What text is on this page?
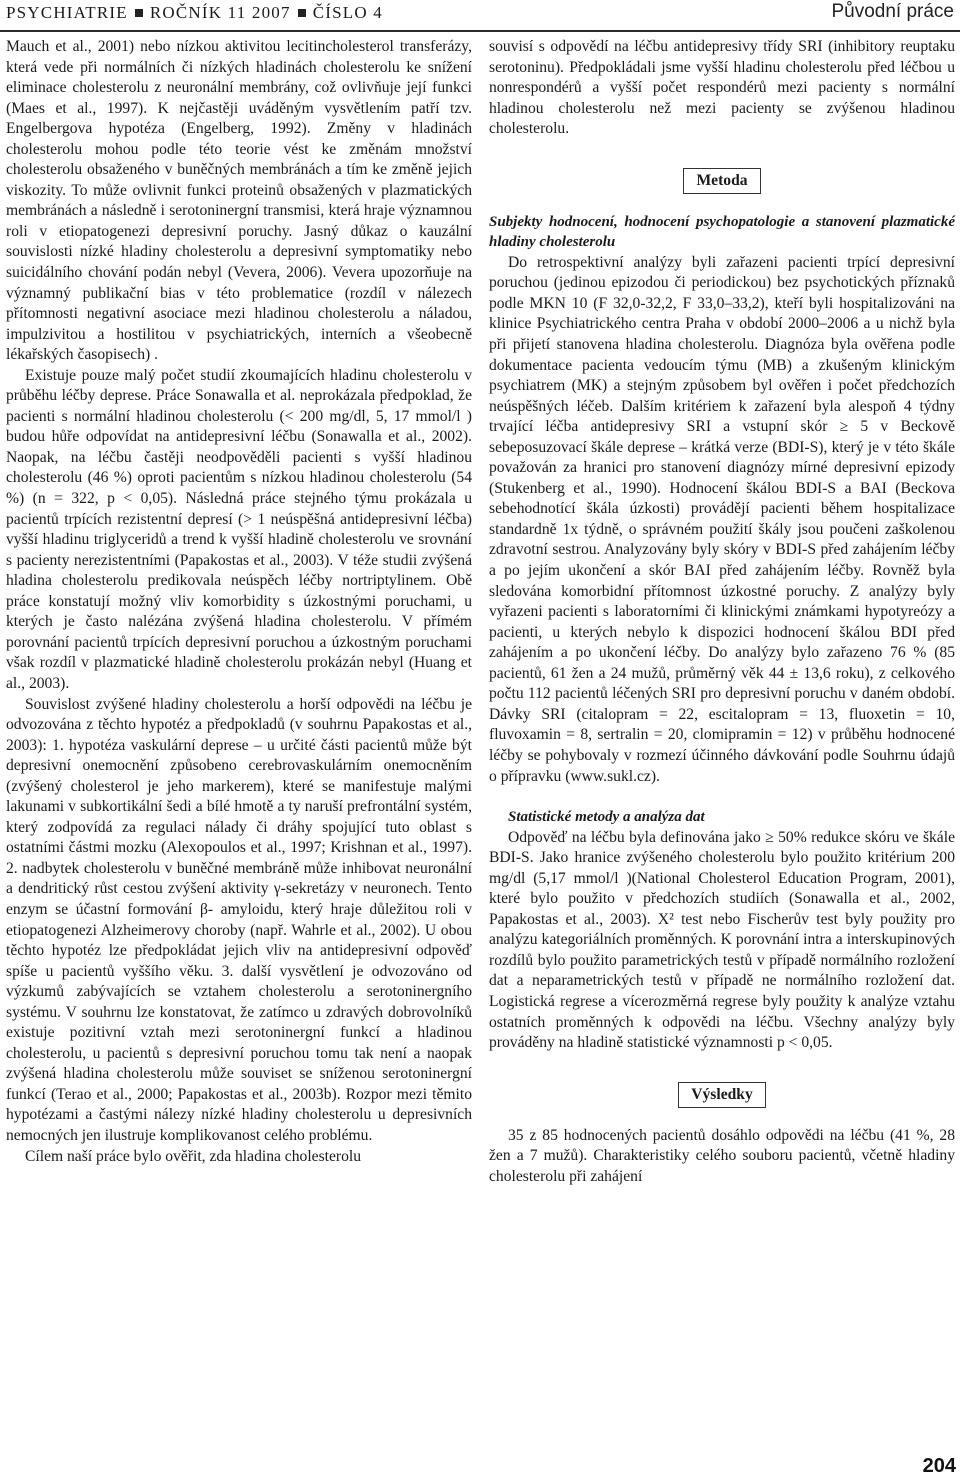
PSYCHIATRIE ROČNÍK 11 2007 ČÍSLO 4	Původní práce

Mauch et al., 2001) nebo nízkou aktivitou lecitincholesterol transferázy, která vede při normálních či nízkých hladinách cholesterolu ke snížení eliminace cholesterolu z neuronální membrány, což ovlivňuje její funkci (Maes et al., 1997). K nejčastěji uváděným vysvětlením patří tzv. Engelbergova hypotéza (Engelberg, 1992). Změny v hladinách cholesterolu mohou podle této teorie vést ke změnám množství cholesterolu obsaženého v buněčných membránách a tím ke změně jejich viskozity. To může ovlivnit funkci proteinů obsažených v plazmatických membránách a následně i serotoninergní transmisi, která hraje významnou roli v etiopatogenezi depresivní poruchy. Jasný důkaz o kauzální souvislosti nízké hladiny cholesterolu a depresivní symptomatiky nebo suicidálního chování podán nebyl (Vevera, 2006). Vevera upozorňuje na významný publikační bias v této problematice (rozdíl v nálezech přítomnosti negativní asociace mezi hladinou cholesterolu a náladou, impulzivitou a hostilitou v psychiatrických, interních a všeobecně lékařských časopisech) .

Existuje pouze malý počet studií zkoumajících hladinu cholesterolu v průběhu léčby deprese. Práce Sonawalla et al. neprokázala předpoklad, že pacienti s normální hladinou cholesterolu (< 200 mg/dl, 5, 17 mmol/l ) budou hůře odpovídat na antidepresivní léčbu (Sonawalla et al., 2002). Naopak, na léčbu častěji neodpověděli pacienti s vyšší hladinou cholesterolu (46 %) oproti pacientům s nízkou hladinou cholesterolu (54 %) (n = 322, p < 0,05). Následná práce stejného týmu prokázala u pacientů trpících rezistentní depresí (> 1 neúspěšná antidepresivní léčba) vyšší hladinu triglyceridů a trend k vyšší hladině cholesterolu ve srovnání s pacienty nerezistentními (Papakostas et al., 2003). V téže studii zvýšená hladina cholesterolu predikovala neúspěch léčby nortriptylinem. Obě práce konstatují možný vliv komorbidity s úzkostnými poruchami, u kterých je často nalézána zvýšená hladina cholesterolu. V přímém porovnání pacientů trpících depresivní poruchou a úzkostným poruchami však rozdíl v plazmatické hladině cholesterolu prokázán nebyl (Huang et al., 2003).

Souvislost zvýšené hladiny cholesterolu a horší odpovědi na léčbu je odvozována z těchto hypotéz a předpokladů (v souhrnu Papakostas et al., 2003): 1. hypotéza vaskulární deprese – u určité části pacientů může být depresivní onemocnění způsobeno cerebrovaskulárním onemocněním (zvýšený cholesterol je jeho markerem), které se manifestuje malými lakunami v subkortikální šedi a bílé hmotě a ty naruší prefrontální systém, který zodpovídá za regulaci nálady či dráhy spojující tuto oblast s ostatními částmi mozku (Alexopoulos et al., 1997; Krishnan et al., 1997). 2. nadbytek cholesterolu v buněčné membráně může inhibovat neuronální a dendritický růst cestou zvýšení aktivity γ-sekretázy v neuronech. Tento enzym se účastní formování β- amyloidu, který hraje důležitou roli v etiopatogenezi Alzheimerovy choroby (např. Wahrle et al., 2002). U obou těchto hypotéz lze předpokládat jejich vliv na antidepresivní odpověď spíše u pacientů vyššího věku. 3. další vysvětlení je odvozováno od výzkumů zabývajících se vztahem cholesterolu a serotoninergního systému. V souhrnu lze konstatovat, že zatímco u zdravých dobrovolníků existuje pozitivní vztah mezi serotoninergní funkcí a hladinou cholesterolu, u pacientů s depresivní poruchou tomu tak není a naopak zvýšená hladina cholesterolu může souviset se sníženou serotoninergní funkcí (Terao et al., 2000; Papakostas et al., 2003b). Rozpor mezi těmito hypotézami a častými nálezy nízké hladiny cholesterolu u depresivních nemocných jen ilustruje komplikovanost celého problému.

Cílem naší práce bylo ověřit, zda hladina cholesterolu

souvisí s odpovědí na léčbu antidepresivy třídy SRI (inhibitory reuptaku serotoninu). Předpokládali jsme vyšší hladinu cholesterolu před léčbou u nonrespondérů a vyšší počet respondérů mezi pacienty s normální hladinou cholesterolu než mezi pacienty se zvýšenou hladinou cholesterolu.

Metoda

Subjekty hodnocení, hodnocení psychopatologie a stanovení plazmatické hladiny cholesterolu

Do retrospektivní analýzy byli zařazeni pacienti trpící depresivní poruchou (jedinou epizodou či periodickou) bez psychotických příznaků podle MKN 10 (F 32,0-32,2, F 33,0–33,2), kteří byli hospitalizováni na klinice Psychiatrického centra Praha v období 2000–2006 a u nichž byla při přijetí stanovena hladina cholesterolu. Diagnóza byla ověřena podle dokumentace pacienta vedoucím týmu (MB) a zkušeným klinickým psychiatrem (MK) a stejným způsobem byl ověřen i počet předchozích neúspěšných léčeb. Dalším kritériem k zařazení byla alespoň 4 týdny trvající léčba antidepresivy SRI a vstupní skór ≥ 5 v Beckově sebeposuzovací škále deprese – krátká verze (BDI-S), který je v této škále považován za hranici pro stanovení diagnózy mírné depresivní epizody (Stukenberg et al., 1990). Hodnocení škálou BDI-S a BAI (Beckova sebehodnotící škála úzkosti) provádějí pacienti během hospitalizace standardně 1x týdně, o správném použití škály jsou poučeni zaškolenou zdravotní sestrou. Analyzovány byly skóry v BDI-S před zahájením léčby a po jejím ukončení a skór BAI před zahájením léčby. Rovněž byla sledována komorbidní přítomnost úzkostné poruchy. Z analýzy byly vyřazeni pacienti s laboratorními či klinickými známkami hypotyreózy a pacienti, u kterých nebylo k dispozici hodnocení škálou BDI před zahájením a po ukončení léčby. Do analýzy bylo zařazeno 76 % (85 pacientů, 61 žen a 24 mužů, průměrný věk 44 ± 13,6 roku), z celkového počtu 112 pacientů léčených SRI pro depresivní poruchu v daném období. Dávky SRI (citalopram = 22, escitalopram = 13, fluoxetin = 10, fluvoxamin = 8, sertralin = 20, clomipramin = 12) v průběhu hodnocené léčby se pohybovaly v rozmezí účinného dávkování podle Souhrnu údajů o přípravku (www.sukl.cz).

Statistické metody a analýza dat

Odpověď na léčbu byla definována jako ≥ 50% redukce skóru ve škále BDI-S. Jako hranice zvýšeného cholesterolu bylo použito kritérium 200 mg/dl (5,17 mmol/l )(National Cholesterol Education Program, 2001), které bylo použito v předchozích studiích (Sonawalla et al., 2002, Papakostas et al., 2003). X² test nebo Fischerův test byly použity pro analýzu kategoriálních proměnných. K porovnání intra a interskupinových rozdílů bylo použito parametrických testů v případě normálního rozložení dat a neparametrických testů v případě ne normálního rozložení dat. Logistická regrese a vícerozměrná regrese byly použity k analýze vztahu ostatních proměnných k odpovědi na léčbu. Všechny analýzy byly prováděny na hladině statistické významnosti p < 0,05.

Výsledky

35 z 85 hodnocených pacientů dosáhlo odpovědi na léčbu (41 %, 28 žen a 7 mužů). Charakteristiky celého souboru pacientů, včetně hladiny cholesterolu při zahájení

204
